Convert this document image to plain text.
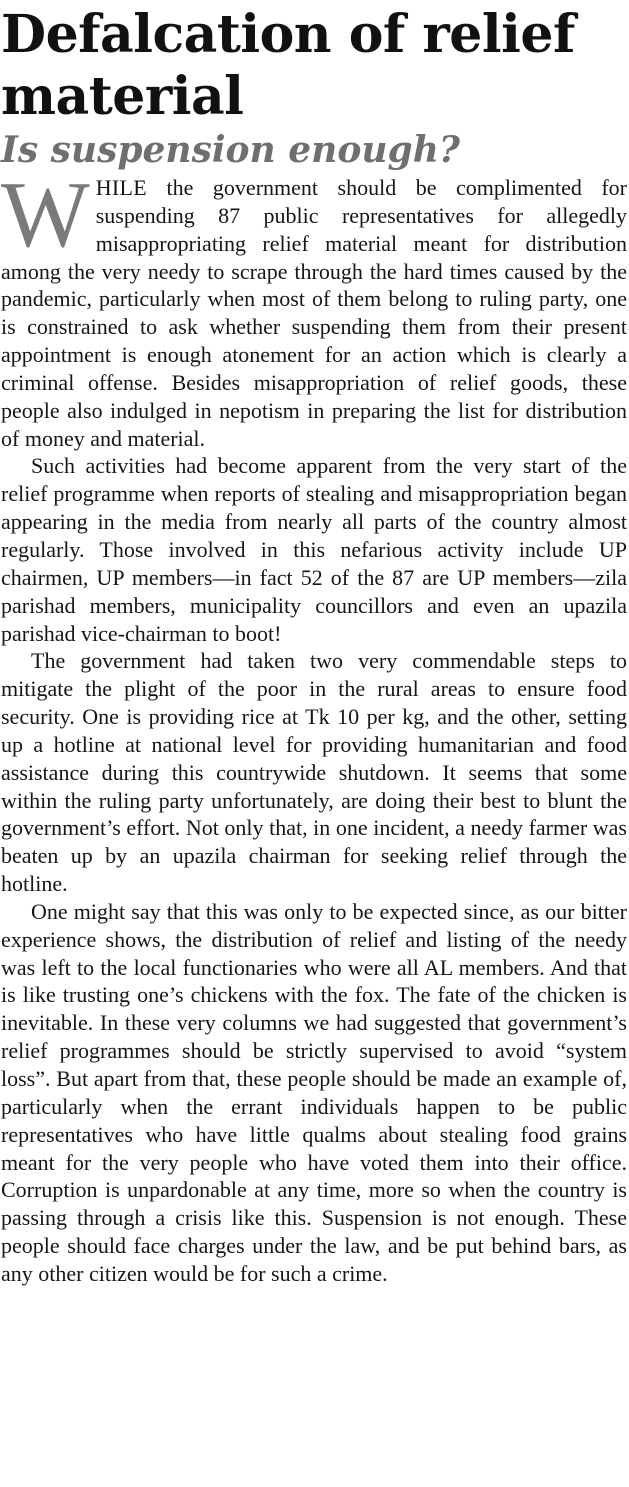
Defalcation of relief material
Is suspension enough?

WHILE the government should be complimented for suspending 87 public representatives for allegedly misappropriating relief material meant for distribution among the very needy to scrape through the hard times caused by the pandemic, particularly when most of them belong to ruling party, one is constrained to ask whether suspending them from their present appointment is enough atonement for an action which is clearly a criminal offense. Besides misappropriation of relief goods, these people also indulged in nepotism in preparing the list for distribution of money and material.

Such activities had become apparent from the very start of the relief programme when reports of stealing and misappropriation began appearing in the media from nearly all parts of the country almost regularly. Those involved in this nefarious activity include UP chairmen, UP members—in fact 52 of the 87 are UP members—zila parishad members, municipality councillors and even an upazila parishad vice-chairman to boot!

The government had taken two very commendable steps to mitigate the plight of the poor in the rural areas to ensure food security. One is providing rice at Tk 10 per kg, and the other, setting up a hotline at national level for providing humanitarian and food assistance during this countrywide shutdown. It seems that some within the ruling party unfortunately, are doing their best to blunt the government’s effort. Not only that, in one incident, a needy farmer was beaten up by an upazila chairman for seeking relief through the hotline.

One might say that this was only to be expected since, as our bitter experience shows, the distribution of relief and listing of the needy was left to the local functionaries who were all AL members. And that is like trusting one’s chickens with the fox. The fate of the chicken is inevitable. In these very columns we had suggested that government’s relief programmes should be strictly supervised to avoid “system loss”. But apart from that, these people should be made an example of, particularly when the errant individuals happen to be public representatives who have little qualms about stealing food grains meant for the very people who have voted them into their office. Corruption is unpardonable at any time, more so when the country is passing through a crisis like this. Suspension is not enough. These people should face charges under the law, and be put behind bars, as any other citizen would be for such a crime.
